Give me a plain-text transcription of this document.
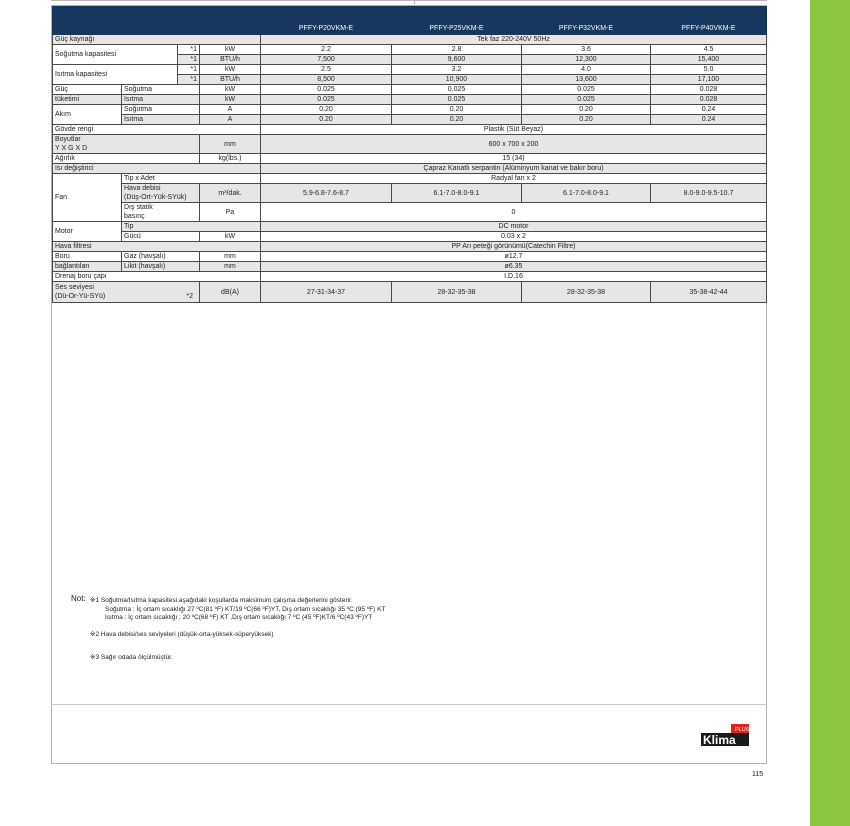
				PFFY-P20VKM-E	PFFY-P25VKM-E	PFFY-P32VKM-E	PFFY-P40VKM-E
Güç kaynağı				Tek faz 220-240V 50Hz			
Soğutma kapasitesi		*1	kW	2.2	2.8	3.6	4.5
		*1	BTU/h	7,500	9,600	12,300	15,400
Isıtma kapasitesi		*1	kW	2.5	3.2	4.0	5.0
		*1	BTU/h	8,500	10,900	13,600	17,100
Güç	Soğutma		kW	0.025	0.025	0.025	0.028
tüketimi	Isıtma		kW	0.025	0.025	0.025	0.028
Akım	Soğutma		A	0.20	0.20	0.20	0.24
	Isıtma		A	0.20	0.20	0.20	0.24
Gövde rengi				Plastik (Süt Beyaz)			

Boyutlar
Y X G X D			mm	600 x 700 x 200			
Ağırlık			kg(lbs.)	15 (34)			
Isı değiştirici				Çapraz Kanatlı serpantin (Alüminyum kanat ve bakır boru)			
Fan	Tip x Adet			Radyal fan x 2			

	Hava debisi
(Düş-Ort-Yük-SYük)		m³/dak.	5.9-6.8-7.6-8.7	6.1-7.0-8.0-9.1	6.1-7.0-8.0-9.1	8.0-9.0-9.5-10.7

	Dış statik
basınç		Pa	0			
Motor	Tip			DC motor			
	Gücü		kW	0.03 x 2			
Hava filtresi				PP Arı peteği görünümü(Catechin Filtre)			
Boru	Gaz (havşalı)		mm	ø12.7			
bağlantıları	Likit (havşalı)		mm	ø6.35			
Drenaj boru çapı				I.D.16			

Ses seviyesi
(Dü-Or-Yü-SYü) *2			dB(A)	27-31-34-37	28-32-35-38	28-32-35-38	35-38-42-44
Not: ※1 Soğutma/Isıtma kapasitesi aşağıdaki koşullarda maksimum çalışma değerlerini gösterir.
Soğutma : İç ortam sıcaklığı 27 ºC(81 ºF) KT/19 ºC(66 ºF)YT, Dış ortam sıcaklığı 35 ºC (95 ºF) KT
Isıtma : İç ortam sıcaklığı ; 20 ºC(68 ºF) KT ,Dış ortam sıcaklığı 7 ºC (45 ºF)KT/6 ºC(43 ºF)YT
※2 Hava debisi/ses seviyeleri (düşük-orta-yüksek-süperyüksek)
※3 Sağır odada ölçülmüştür.
PLUS
Klima
115
